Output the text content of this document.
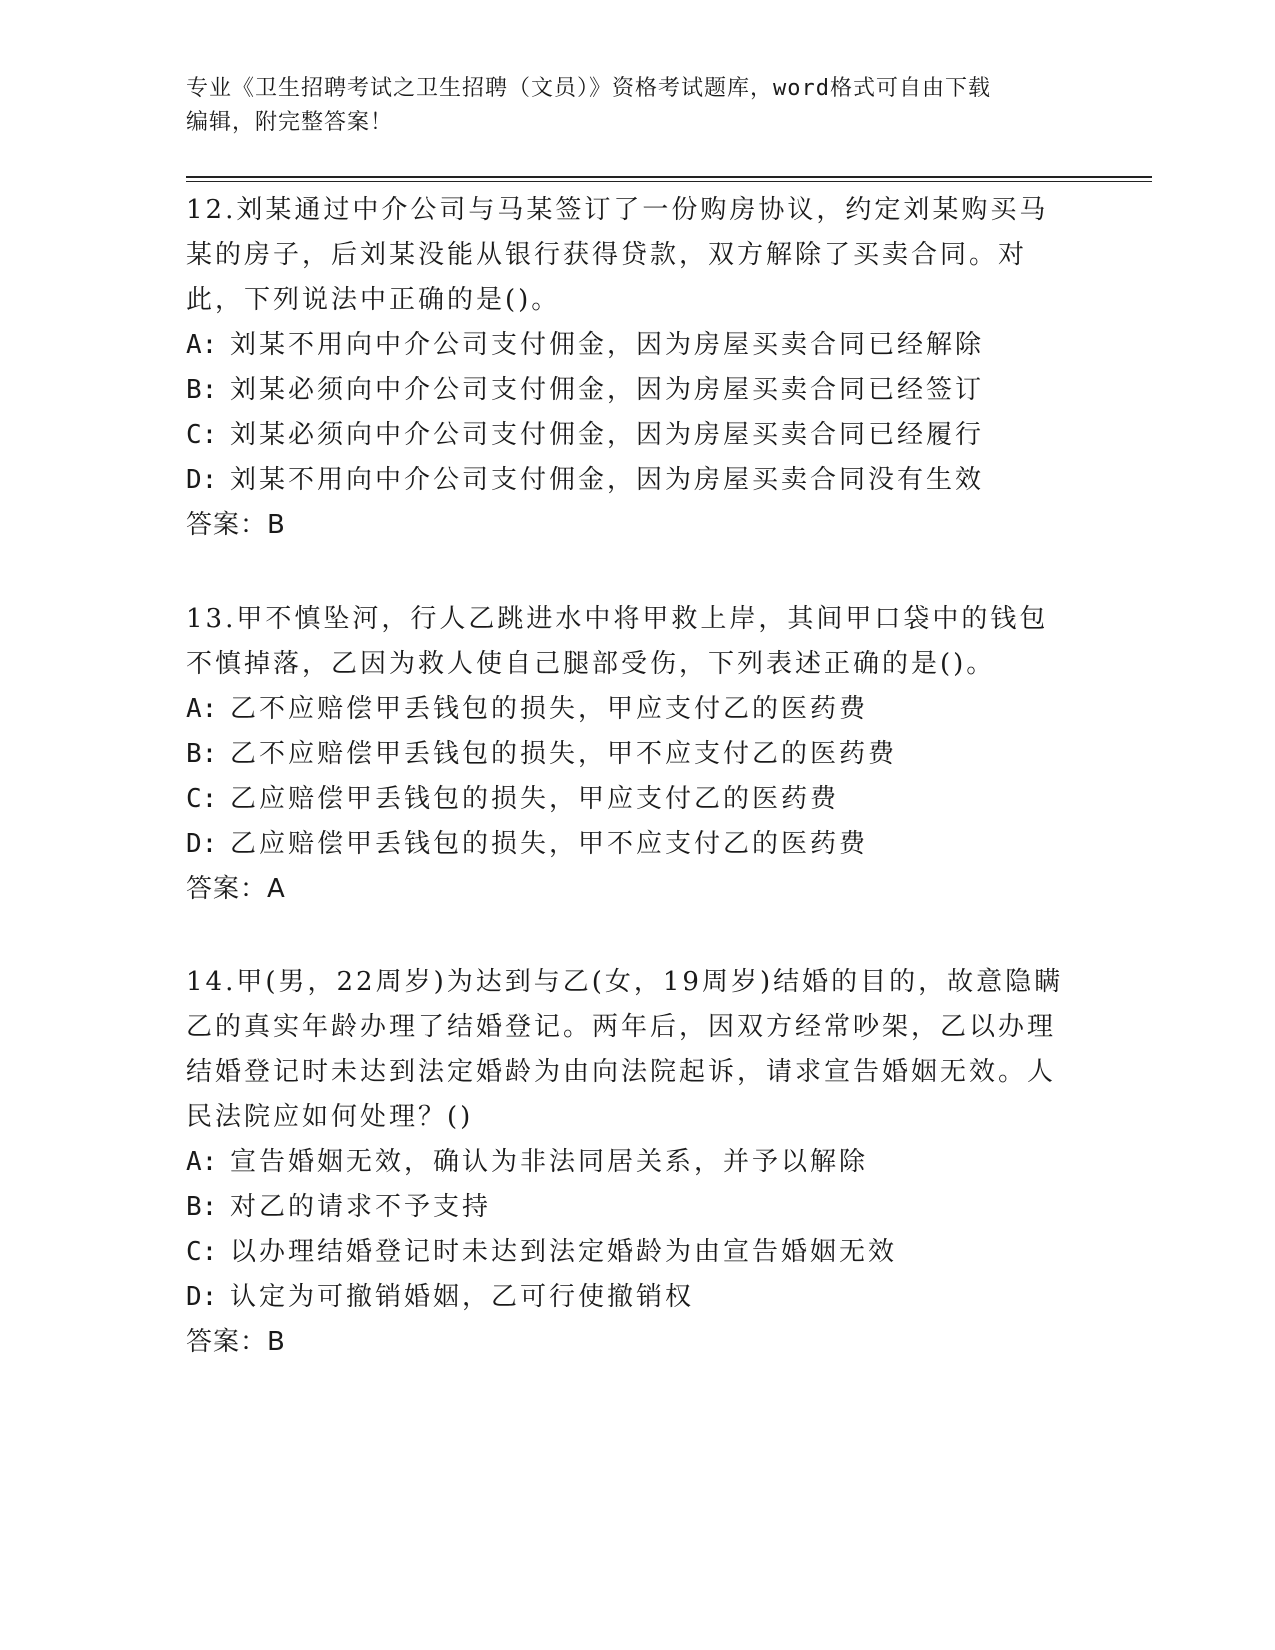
专业《卫生招聘考试之卫生招聘（文员）》资格考试题库，word格式可自由下载
编辑，附完整答案！
12.刘某通过中介公司与马某签订了一份购房协议，约定刘某购买马某的房子，后刘某没能从银行获得贷款，双方解除了买卖合同。对此，下列说法中正确的是()。
A: 刘某不用向中介公司支付佣金，因为房屋买卖合同已经解除
B: 刘某必须向中介公司支付佣金，因为房屋买卖合同已经签订
C: 刘某必须向中介公司支付佣金，因为房屋买卖合同已经履行
D: 刘某不用向中介公司支付佣金，因为房屋买卖合同没有生效
答案：B
13.甲不慎坠河，行人乙跳进水中将甲救上岸，其间甲口袋中的钱包不慎掉落，乙因为救人使自己腿部受伤，下列表述正确的是()。
A: 乙不应赔偿甲丢钱包的损失，甲应支付乙的医药费
B: 乙不应赔偿甲丢钱包的损失，甲不应支付乙的医药费
C: 乙应赔偿甲丢钱包的损失，甲应支付乙的医药费
D: 乙应赔偿甲丢钱包的损失，甲不应支付乙的医药费
答案：A
14.甲(男，22周岁)为达到与乙(女，19周岁)结婚的目的，故意隐瞒乙的真实年龄办理了结婚登记。两年后，因双方经常吵架，乙以办理结婚登记时未达到法定婚龄为由向法院起诉，请求宣告婚姻无效。人民法院应如何处理？()
A: 宣告婚姻无效，确认为非法同居关系，并予以解除
B: 对乙的请求不予支持
C: 以办理结婚登记时未达到法定婚龄为由宣告婚姻无效
D: 认定为可撤销婚姻，乙可行使撤销权
答案：B
